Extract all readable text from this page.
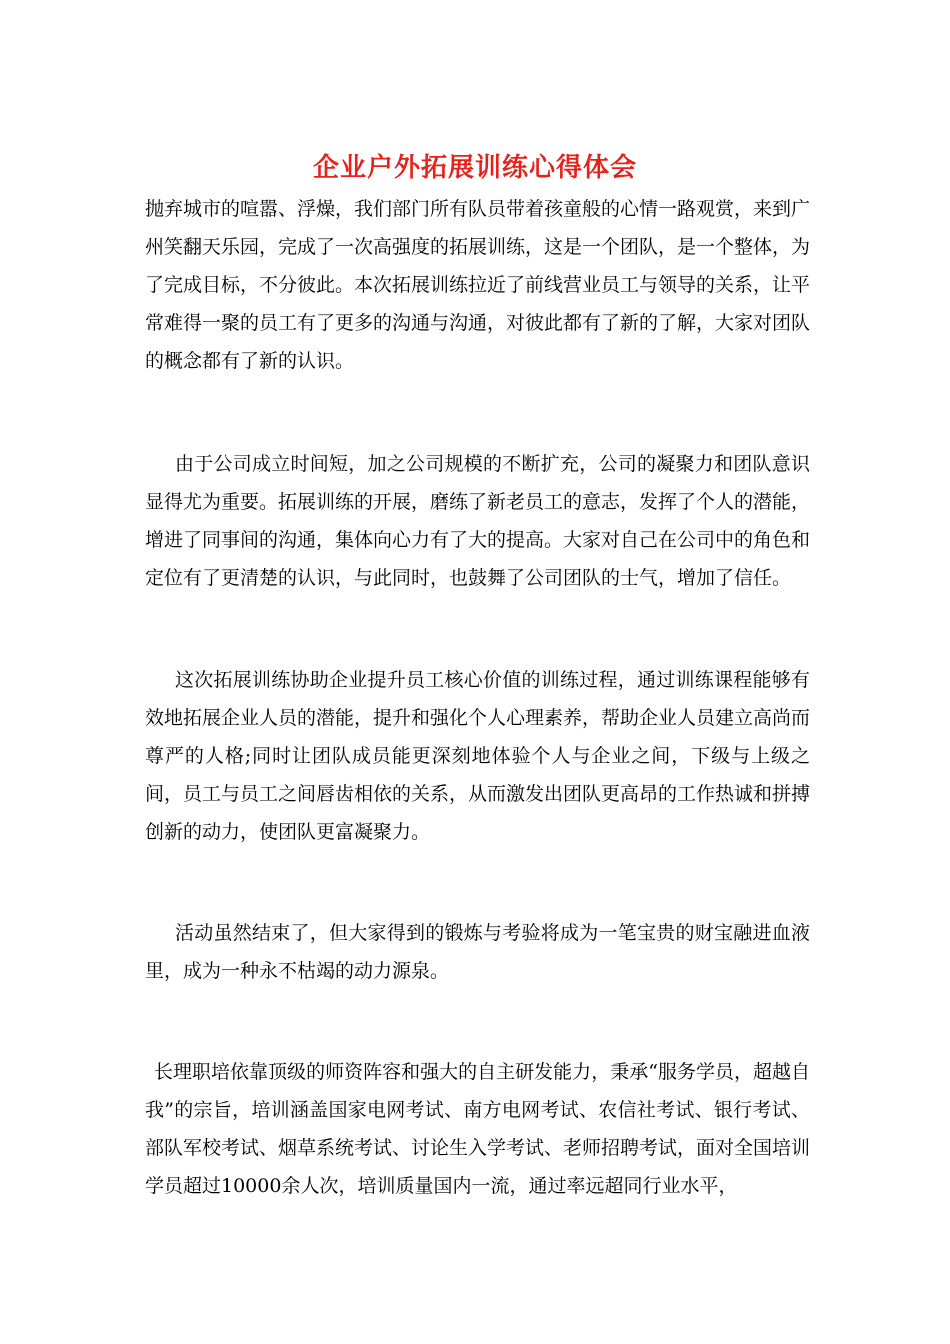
企业户外拓展训练心得体会

抛弃城市的喧嚣、浮燥，我们部门所有队员带着孩童般的心情一路观赏，来到广州笑翻天乐园，完成了一次高强度的拓展训练，这是一个团队，是一个整体，为了完成目标，不分彼此。本次拓展训练拉近了前线营业员工与领导的关系，让平常难得一聚的员工有了更多的沟通与沟通，对彼此都有了新的了解，大家对团队的概念都有了新的认识。

由于公司成立时间短，加之公司规模的不断扩充，公司的凝聚力和团队意识显得尤为重要。拓展训练的开展，磨练了新老员工的意志，发挥了个人的潜能，增进了同事间的沟通，集体向心力有了大的提高。大家对自己在公司中的角色和定位有了更清楚的认识，与此同时，也鼓舞了公司团队的士气，增加了信任。

这次拓展训练协助企业提升员工核心价值的训练过程，通过训练课程能够有效地拓展企业人员的潜能，提升和强化个人心理素养，帮助企业人员建立高尚而尊严的人格;同时让团队成员能更深刻地体验个人与企业之间，下级与上级之间，员工与员工之间唇齿相依的关系，从而激发出团队更高昂的工作热诚和拼搏创新的动力，使团队更富凝聚力。

活动虽然结束了，但大家得到的锻炼与考验将成为一笔宝贵的财宝融进血液里，成为一种永不枯竭的动力源泉。

长理职培依靠顶级的师资阵容和强大的自主研发能力，秉承“服务学员，超越自我”的宗旨，培训涵盖国家电网考试、南方电网考试、农信社考试、银行考试、部队军校考试、烟草系统考试、讨论生入学考试、老师招聘考试，面对全国培训学员超过10000余人次，培训质量国内一流，通过率远超同行业水平，
